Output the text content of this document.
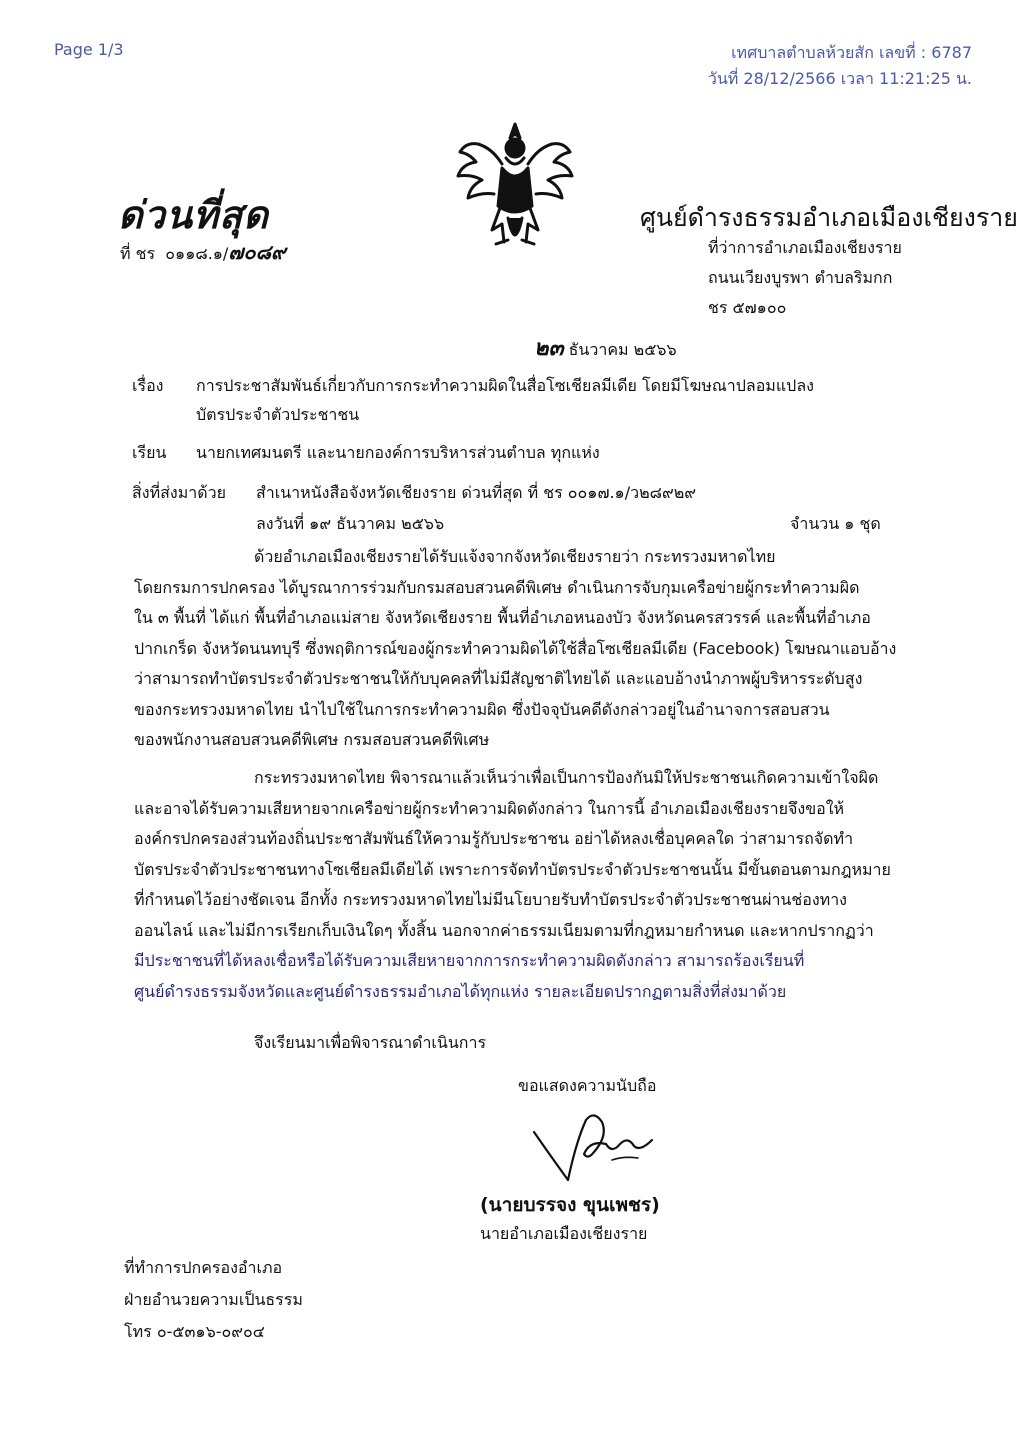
Page 1/3	เทศบาลตำบลห้วยสัก เลขที่ : 6787
วันที่ 28/12/2566 เวลา 11:21:25 น.
ด่วนที่สุด
ที่ ชร ๐๑๑๘.๑/๗๐๘๙
ศูนย์ดำรงธรรมอำเภอเมืองเชียงราย
ที่ว่าการอำเภอเมืองเชียงราย
ถนนเวียงบูรพา ตำบลริมกก
ชร ๕๗๑๐๐
๒๓ ธันวาคม ๒๕๖๖
เรื่อง การประชาสัมพันธ์เกี่ยวกับการกระทำความผิดในสื่อโซเชียลมีเดีย โดยมีโฆษณาปลอมแปลง
บัตรประจำตัวประชาชน
เรียน นายกเทศมนตรี และนายกองค์การบริหารส่วนตำบล ทุกแห่ง
สิ่งที่ส่งมาด้วย สำเนาหนังสือจังหวัดเชียงราย ด่วนที่สุด ที่ ชร ๐๐๑๗.๑/ว๒๘๙๒๙
ลงวันที่ ๑๙ ธันวาคม ๒๕๖๖	จำนวน ๑ ชุด
ด้วยอำเภอเมืองเชียงรายได้รับแจ้งจากจังหวัดเชียงรายว่า กระทรวงมหาดไทย
โดยกรมการปกครอง ได้บูรณาการร่วมกับกรมสอบสวนคดีพิเศษ ดำเนินการจับกุมเครือข่ายผู้กระทำความผิด
ใน ๓ พื้นที่ ได้แก่ พื้นที่อำเภอแม่สาย จังหวัดเชียงราย พื้นที่อำเภอหนองบัว จังหวัดนครสวรรค์ และพื้นที่อำเภอ
ปากเกร็ด จังหวัดนนทบุรี ซึ่งพฤติการณ์ของผู้กระทำความผิดได้ใช้สื่อโซเชียลมีเดีย (Facebook) โฆษณาแอบอ้าง
ว่าสามารถทำบัตรประจำตัวประชาชนให้กับบุคคลที่ไม่มีสัญชาติไทยได้ และแอบอ้างนำภาพผู้บริหารระดับสูง
ของกระทรวงมหาดไทย นำไปใช้ในการกระทำความผิด ซึ่งปัจจุบันคดีดังกล่าวอยู่ในอำนาจการสอบสวน
ของพนักงานสอบสวนคดีพิเศษ กรมสอบสวนคดีพิเศษ
กระทรวงมหาดไทย พิจารณาแล้วเห็นว่าเพื่อเป็นการป้องกันมิให้ประชาชนเกิดความเข้าใจผิด
และอาจได้รับความเสียหายจากเครือข่ายผู้กระทำความผิดดังกล่าว ในการนี้ อำเภอเมืองเชียงรายจึงขอให้
องค์กรปกครองส่วนท้องถิ่นประชาสัมพันธ์ให้ความรู้กับประชาชน อย่าได้หลงเชื่อบุคคลใด ว่าสามารถจัดทำ
บัตรประจำตัวประชาชนทางโซเชียลมีเดียได้ เพราะการจัดทำบัตรประจำตัวประชาชนนั้น มีขั้นตอนตามกฎหมาย
ที่กำหนดไว้อย่างชัดเจน อีกทั้ง กระทรวงมหาดไทยไม่มีนโยบายรับทำบัตรประจำตัวประชาชนผ่านช่องทาง
ออนไลน์ และไม่มีการเรียกเก็บเงินใดๆ ทั้งสิ้น นอกจากค่าธรรมเนียมตามที่กฎหมายกำหนด และหากปรากฏว่า
มีประชาชนที่ได้หลงเชื่อหรือได้รับความเสียหายจากการกระทำความผิดดังกล่าว สามารถร้องเรียนที่
ศูนย์ดำรงธรรมจังหวัดและศูนย์ดำรงธรรมอำเภอได้ทุกแห่ง รายละเอียดปรากฏตามสิ่งที่ส่งมาด้วย
จึงเรียนมาเพื่อพิจารณาดำเนินการ
ขอแสดงความนับถือ
(นายบรรจง ขุนเพชร)
นายอำเภอเมืองเชียงราย
ที่ทำการปกครองอำเภอ
ฝ่ายอำนวยความเป็นธรรม
โทร ๐-๕๓๑๖-๐๙๐๔
